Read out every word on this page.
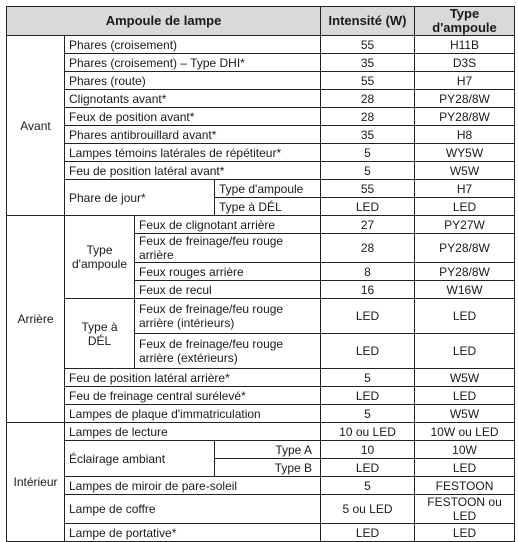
Ampoule de lampe				Intensité (W)	Type d'ampoule
Avant	Phares (croisement)			55	H11B
	Phares (croisement) – Type DHI*			35	D3S
	Phares (route)			55	H7
	Clignotants avant*			28	PY28/8W
	Feux de position avant*			28	PY28/8W
	Phares antibrouillard avant*			35	H8
	Lampes témoins latérales de répétiteur*			5	WY5W
	Feu de position latéral avant*			5	W5W
	Phare de jour*		Type d'ampoule	55	H7
			Type à DÉL	LED	LED
Arrière	Type d'ampoule	Feux de clignotant arrière		27	PY27W
		Feux de freinage/feu rouge arrière		28	PY28/8W
		Feux rouges arrière		8	PY28/8W
		Feux de recul		16	W16W
	Type à DÉL	Feux de freinage/feu rouge arrière (intérieurs)		LED	LED
		Feux de freinage/feu rouge arrière (extérieurs)		LED	LED
	Feu de position latéral arrière*			5	W5W
	Feu de freinage central surélevé*			LED	LED
	Lampes de plaque d'immatriculation			5	W5W
Intérieur	Lampes de lecture			10 ou LED	10W ou LED
	Éclairage ambiant		Type A	10	10W
			Type B	LED	LED
	Lampes de miroir de pare-soleil			5	FESTOON
	Lampe de coffre			5 ou LED	FESTOON ou LED
	Lampe de portative*			LED	LED
